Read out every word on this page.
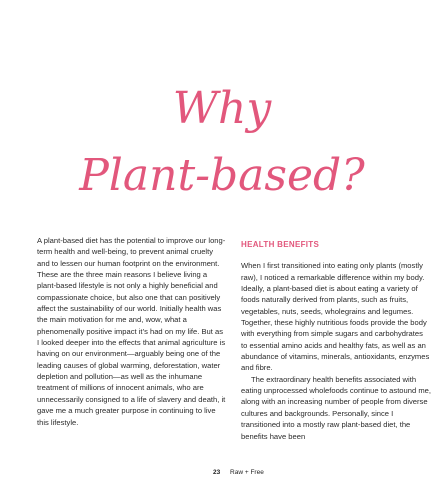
Why
Plant-based?

A plant-based diet has the potential to improve our long-term health and well-being, to prevent animal cruelty and to lessen our human footprint on the environment. These are the three main reasons I believe living a plant-based lifestyle is not only a highly beneficial and compassionate choice, but also one that can positively affect the sustainability of our world. Initially health was the main motivation for me and, wow, what a phenomenally positive impact it’s had on my life. But as I looked deeper into the effects that animal agriculture is having on our environment—arguably being one of the leading causes of global warming, deforestation, water depletion and pollution—as well as the inhumane treatment of millions of innocent animals, who are unnecessarily consigned to a life of slavery and death, it gave me a much greater purpose in continuing to live this lifestyle.

HEALTH BENEFITS

When I first transitioned into eating only plants (mostly raw), I noticed a remarkable difference within my body. Ideally, a plant-based diet is about eating a variety of foods naturally derived from plants, such as fruits, vegetables, nuts, seeds, wholegrains and legumes. Together, these highly nutritious foods provide the body with everything from simple sugars and carbohydrates to essential amino acids and healthy fats, as well as an abundance of vitamins, minerals, antioxidants, enzymes and fibre.

The extraordinary health benefits associated with eating unprocessed wholefoods continue to astound me, along with an increasing number of people from diverse cultures and backgrounds. Personally, since I transitioned into a mostly raw plant-based diet, the benefits have been

23 Raw + Free
